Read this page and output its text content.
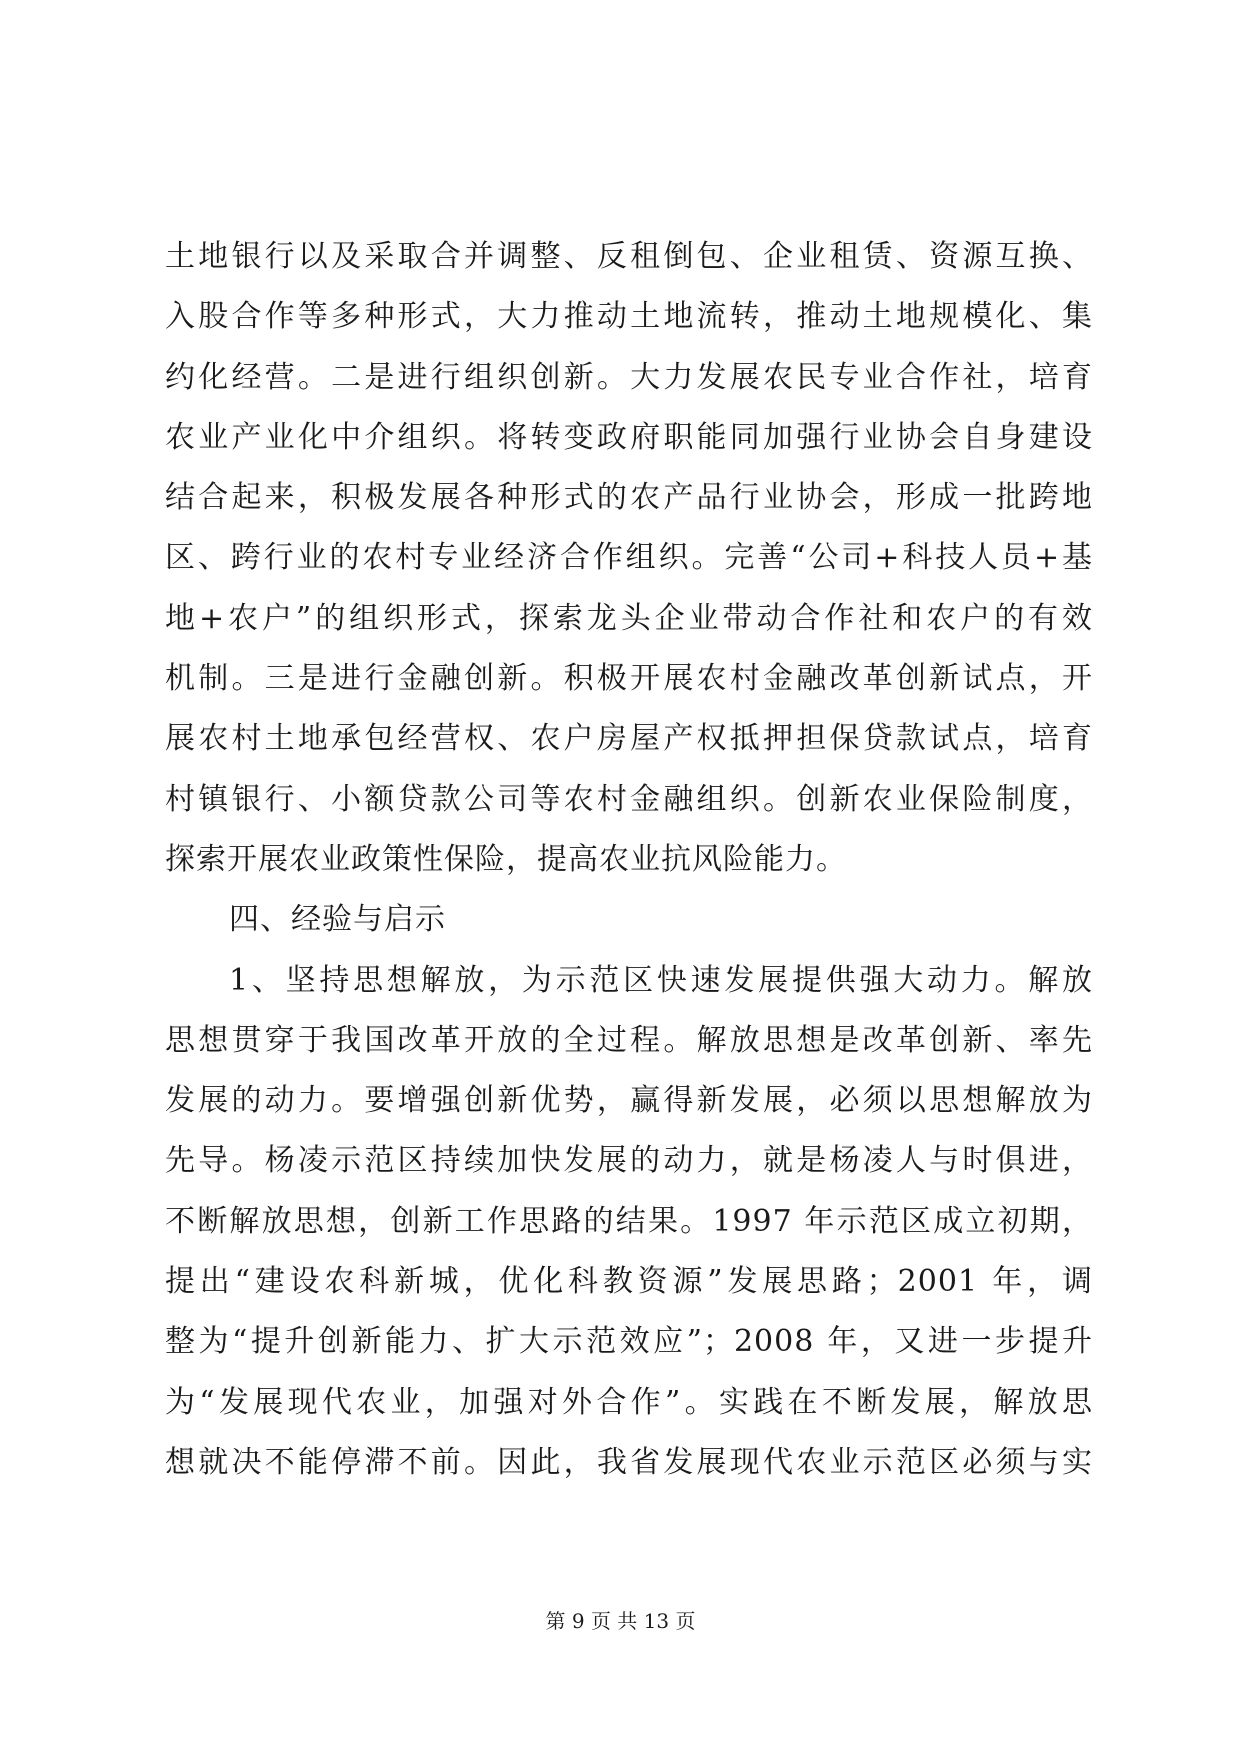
土地银行以及采取合并调整、反租倒包、企业租赁、资源互换、
入股合作等多种形式，大力推动土地流转，推动土地规模化、集
约化经营。二是进行组织创新。大力发展农民专业合作社，培育
农业产业化中介组织。将转变政府职能同加强行业协会自身建设
结合起来，积极发展各种形式的农产品行业协会，形成一批跨地
区、跨行业的农村专业经济合作组织。完善“公司+科技人员+基
地+农户”的组织形式，探索龙头企业带动合作社和农户的有效
机制。三是进行金融创新。积极开展农村金融改革创新试点，开
展农村土地承包经营权、农户房屋产权抵押担保贷款试点，培育
村镇银行、小额贷款公司等农村金融组织。创新农业保险制度，
探索开展农业政策性保险，提高农业抗风险能力。
四、经验与启示
1、坚持思想解放，为示范区快速发展提供强大动力。解放
思想贯穿于我国改革开放的全过程。解放思想是改革创新、率先
发展的动力。要增强创新优势，赢得新发展，必须以思想解放为
先导。杨凌示范区持续加快发展的动力，就是杨凌人与时俱进，
不断解放思想，创新工作思路的结果。1997 年示范区成立初期，
提出“建设农科新城，优化科教资源”发展思路；2001 年，调
整为“提升创新能力、扩大示范效应”；2008 年，又进一步提升
为“发展现代农业，加强对外合作”。实践在不断发展，解放思
想就决不能停滞不前。因此，我省发展现代农业示范区必须与实
第 9 页 共 13 页
